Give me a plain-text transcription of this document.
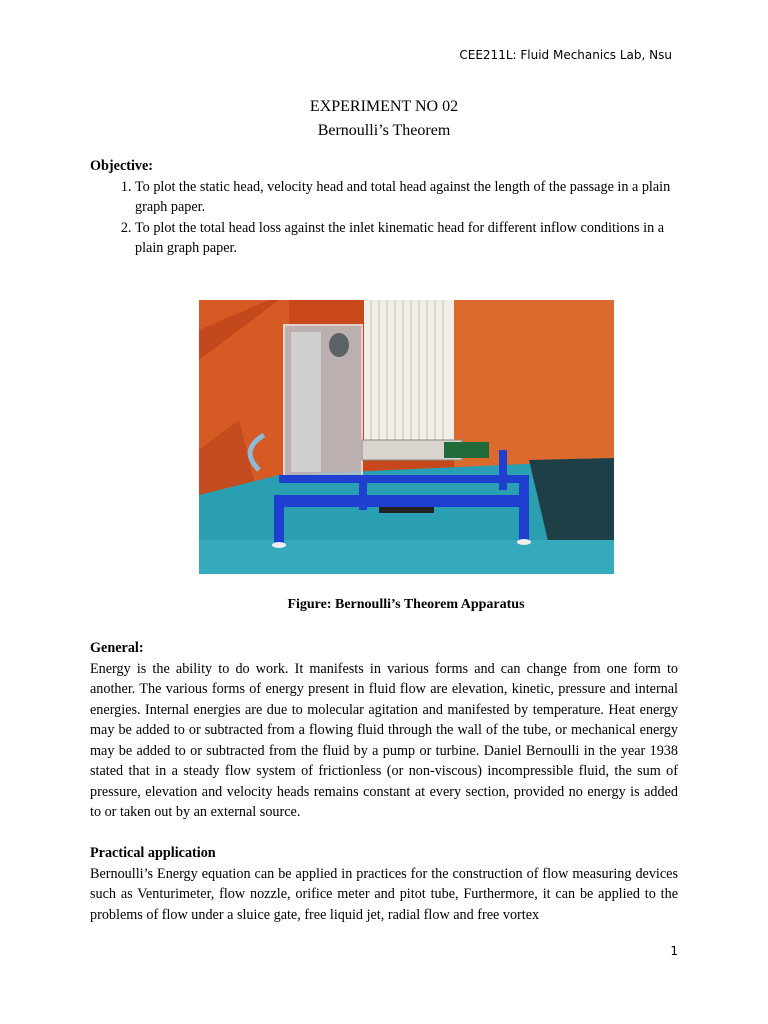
CEE211L: Fluid Mechanics Lab, Nsu
EXPERIMENT NO 02
Bernoulli’s Theorem
Objective:
1. To plot the static head, velocity head and total head against the length of the passage in a plain graph paper.
2. To plot the total head loss against the inlet kinematic head for different inflow conditions in a plain graph paper.
Figure: Bernoulli’s Theorem Apparatus
General:
Energy is the ability to do work. It manifests in various forms and can change from one form to another. The various forms of energy present in fluid flow are elevation, kinetic, pressure and internal energies. Internal energies are due to molecular agitation and manifested by temperature. Heat energy may be added to or subtracted from a flowing fluid through the wall of the tube, or mechanical energy may be added to or subtracted from the fluid by a pump or turbine. Daniel Bernoulli in the year 1938 stated that in a steady flow system of frictionless (or non-viscous) incompressible fluid, the sum of pressure, elevation and velocity heads remains constant at every section, provided no energy is added to or taken out by an external source.
Practical application
Bernoulli’s Energy equation can be applied in practices for the construction of flow measuring devices such as Venturimeter, flow nozzle, orifice meter and pitot tube, Furthermore, it can be applied to the problems of flow under a sluice gate, free liquid jet, radial flow and free vortex
1
